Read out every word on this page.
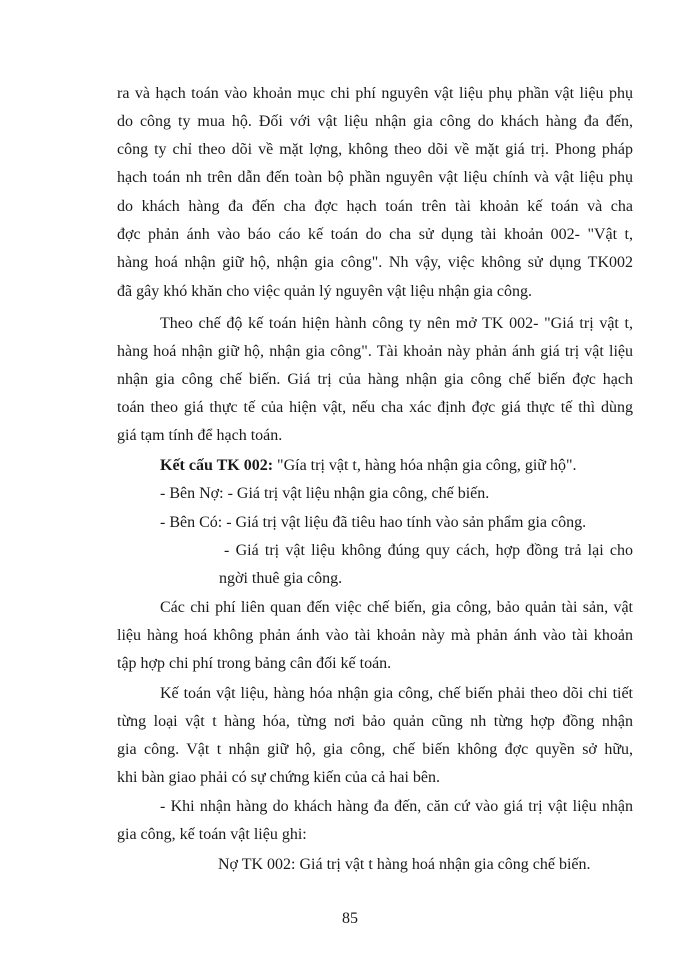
ra và hạch toán vào khoản mục chi phí nguyên vật liệu phụ phần vật liệu phụ
do công ty mua hộ. Đối với vật liệu nhận gia công do khách hàng đa đến,
công ty chỉ theo dõi về mặt lợng, không theo dõi về mặt giá trị. Phong pháp
hạch toán nh trên dẫn đến toàn bộ phần nguyên vật liệu chính và vật liệu phụ
do khách hàng đa đến cha đợc hạch toán trên tài khoản kế toán và cha
đợc phản ánh vào báo cáo kế toán do cha sử dụng tài khoản 002- "Vật t,
hàng hoá nhận giữ hộ, nhận gia công". Nh vậy, việc không sử dụng TK002
đã gây khó khăn cho việc quản lý nguyên vật liệu nhận gia công.
Theo chế độ kế toán hiện hành công ty nên mở TK 002- "Giá trị vật t,
hàng hoá nhận giữ hộ, nhận gia công". Tài khoản này phản ánh giá trị vật liệu
nhận gia công chế biến. Giá trị của hàng nhận gia công chế biến đợc hạch
toán theo giá thực tế của hiện vật, nếu cha xác định đợc giá thực tế thì dùng
giá tạm tính để hạch toán.
Kết cấu TK 002: "Gía trị vật t, hàng hóa nhận gia công, giữ hộ".
- Bên Nợ: - Giá trị vật liệu nhận gia công, chế biến.
- Bên Có: - Giá trị vật liệu đã tiêu hao tính vào sản phẩm gia công.
- Giá trị vật liệu không đúng quy cách, hợp đồng trả lại cho
ngời thuê gia công.
Các chi phí liên quan đến việc chế biến, gia công, bảo quản tài sản, vật
liệu hàng hoá không phản ánh vào tài khoản này mà phản ánh vào tài khoản
tập hợp chi phí trong bảng cân đối kế toán.
Kế toán vật liệu, hàng hóa nhận gia công, chế biến phải theo dõi chi tiết
từng loại vật t hàng hóa, từng nơi bảo quản cũng nh từng hợp đồng nhận
gia công. Vật t nhận giữ hộ, gia công, chế biến không đợc quyền sở hữu,
khi bàn giao phải có sự chứng kiến của cả hai bên.
- Khi nhận hàng do khách hàng đa đến, căn cứ vào giá trị vật liệu nhận
gia công, kế toán vật liệu ghi:
Nợ TK 002: Giá trị vật t hàng hoá nhận gia công chế biến.
85
